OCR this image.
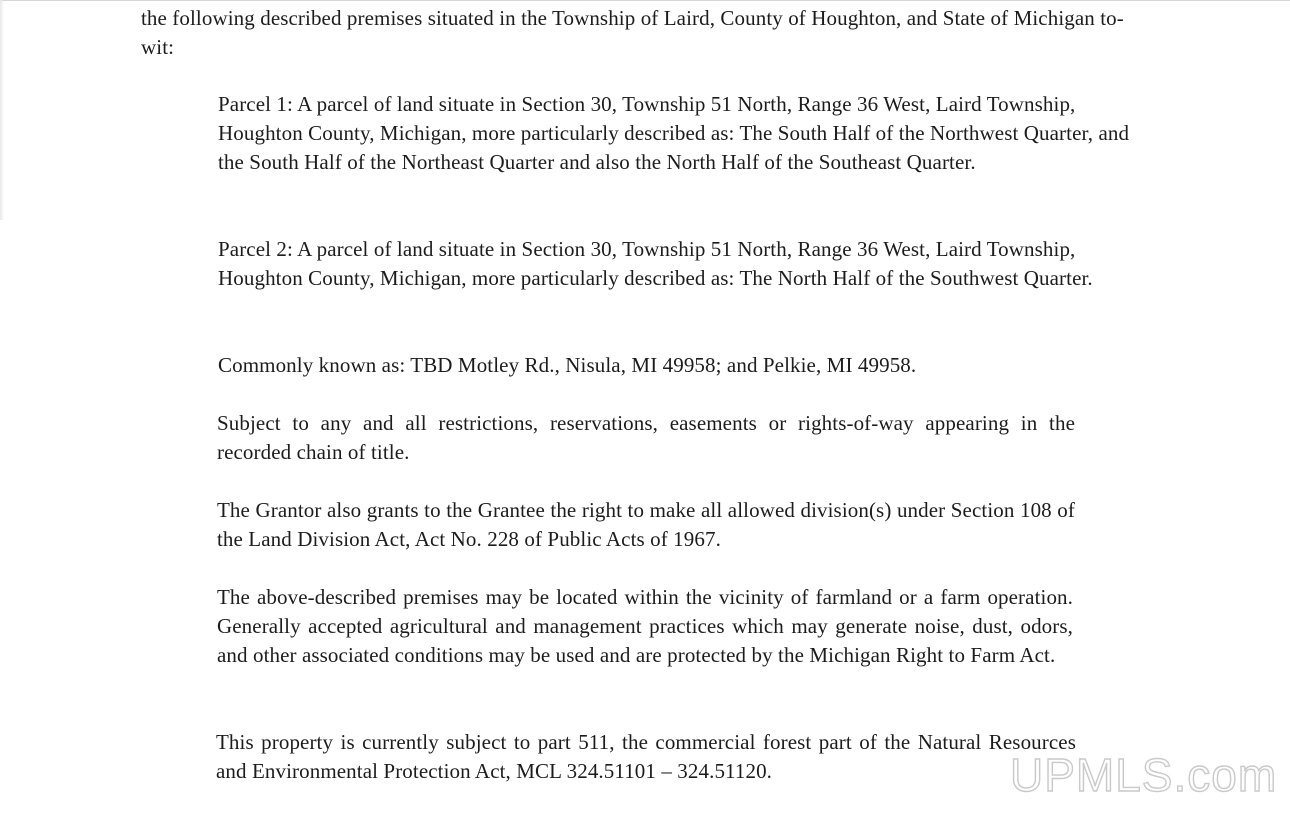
the following described premises situated in the Township of Laird, County of Houghton, and State of Michigan to-wit:

Parcel 1: A parcel of land situate in Section 30, Township 51 North, Range 36 West, Laird Township, Houghton County, Michigan, more particularly described as: The South Half of the Northwest Quarter, and the South Half of the Northeast Quarter and also the North Half of the Southeast Quarter.

Parcel 2: A parcel of land situate in Section 30, Township 51 North, Range 36 West, Laird Township, Houghton County, Michigan, more particularly described as: The North Half of the Southwest Quarter.

Commonly known as: TBD Motley Rd., Nisula, MI 49958; and Pelkie, MI 49958.

Subject to any and all restrictions, reservations, easements or rights-of-way appearing in the recorded chain of title.

The Grantor also grants to the Grantee the right to make all allowed division(s) under Section 108 of the Land Division Act, Act No. 228 of Public Acts of 1967.

The above-described premises may be located within the vicinity of farmland or a farm operation. Generally accepted agricultural and management practices which may generate noise, dust, odors, and other associated conditions may be used and are protected by the Michigan Right to Farm Act.

This property is currently subject to part 511, the commercial forest part of the Natural Resources and Environmental Protection Act, MCL 324.51101 – 324.51120.	UPMLS.com
